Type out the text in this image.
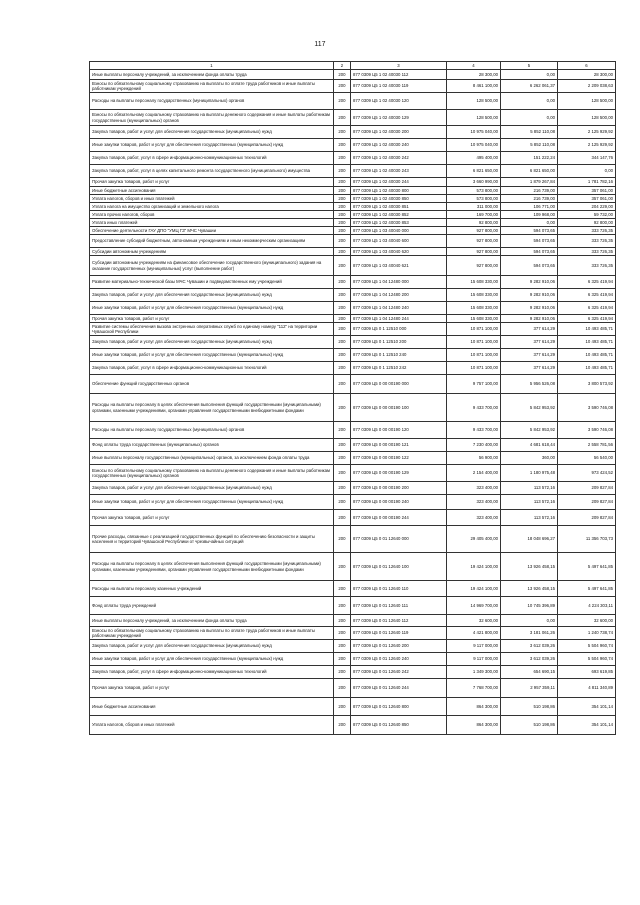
117
1	2	3	4	5	6
Иные выплаты персоналу учреждений, за исключением фонда оплаты труда	200	877 0309 Ц5 1 02 40030 112	28 300,00	0,00	28 300,00
Взносы по обязательному социальному страхованию на выплаты по оплате труда работников и иные выплаты работникам учреждений	200	877 0309 Ц5 1 02 40030 119	8 461 100,00	6 262 061,37	2 209 038,63
Расходы на выплаты персоналу государственных (муниципальных) органов	200	877 0309 Ц5 1 02 40030 120	128 500,00	0,00	128 500,00
Взносы по обязательному социальному страхованию на выплаты денежного содержания и иные выплаты работникам государственных (муниципальных) органов	200	877 0309 Ц5 1 02 40030 129	128 500,00	0,00	128 500,00
Закупка товаров, работ и услуг для обеспечения государственных (муниципальных) нужд	200	877 0309 Ц5 1 02 40030 200	10 975 040,00	5 852 110,08	2 125 929,92
Иные закупки товаров, работ и услуг для обеспечения государственных (муниципальных) нужд	200	877 0309 Ц5 1 02 40030 240	10 975 040,00	5 852 110,08	2 125 929,92
Закупка товаров, работ, услуг в сфере информационно-коммуникационных технологий	200	877 0309 Ц5 1 02 40030 242	495 400,00	151 222,24	344 147,76
Закупка товаров, работ, услуг в целях капитального ремонта государственного (муниципального) имущества	200	877 0309 Ц5 1 02 40030 243	6 821 650,00	6 821 650,00	0,00
Прочая закупка товаров, работ и услуг	200	877 0309 Ц5 1 02 40030 244	3 660 990,00	1 879 267,84	1 781 782,16
Иные бюджетные ассигнования	200	877 0309 Ц5 1 02 40030 800	573 800,00	216 739,00	357 061,00
Уплата налогов, сборов и иных платежей	200	877 0309 Ц5 1 02 40030 850	573 800,00	216 739,00	357 061,00
Уплата налога на имущество организаций и земельного налога	200	877 0309 Ц5 1 02 40030 851	311 000,00	106 771,00	204 229,00
Уплата прочих налогов, сборов	200	877 0309 Ц5 1 02 40030 852	169 700,00	109 968,00	59 732,00
Уплата иных платежей	200	877 0309 Ц5 1 02 40030 853	92 800,00	0,00	92 800,00
Обеспечение деятельности ГАУ ДПО "УМЦ ГЗ" МЧС Чувашии	200	877 0309 Ц5 1 03 40040 000	927 800,00	594 073,65	333 726,35
Предоставление субсидий бюджетным, автономным учреждениям и иным некоммерческим организациям	200	877 0309 Ц5 1 03 40040 600	927 800,00	594 073,65	333 726,35
Субсидии автономным учреждениям	200	877 0309 Ц5 1 03 40040 620	927 800,00	594 073,65	333 726,35
Субсидии автономным учреждениям на финансовое обеспечение государственного (муниципального) задания на оказание государственных (муниципальных) услуг (выполнение работ)	200	877 0309 Ц5 1 03 40040 621	927 800,00	594 073,65	333 726,35
Развитие материально-технической базы МЧС Чувашии и подведомственных ему учреждений	200	877 0309 Ц5 1 04 12480 000	15 608 330,00	9 282 910,06	6 325 419,94
Закупка товаров, работ и услуг для обеспечения государственных (муниципальных) нужд	200	877 0309 Ц5 1 04 12480 200	15 608 330,00	9 282 910,06	6 325 419,94
Иные закупки товаров, работ и услуг для обеспечения государственных (муниципальных) нужд	200	877 0309 Ц5 1 04 12480 240	15 608 330,00	9 282 910,06	6 325 419,94
Прочая закупка товаров, работ и услуг	200	877 0309 Ц5 1 04 12480 244	15 608 330,00	9 282 910,06	6 325 419,94
Развитие системы обеспечения вызова экстренных оперативных служб по единому номеру "112" на территории Чувашской Республики	200	877 0309 Ц5 0 1 12510 000	10 871 100,00	377 614,29	10 493 485,71
Закупка товаров, работ и услуг для обеспечения государственных (муниципальных) нужд	200	877 0309 Ц5 0 1 12510 200	10 871 100,00	377 614,29	10 493 485,71
Иные закупки товаров, работ и услуг для обеспечения государственных (муниципальных) нужд	200	877 0309 Ц5 0 1 12510 240	10 871 100,00	377 614,29	10 493 485,71
Закупка товаров, работ, услуг в сфере информационно-коммуникационных технологий	200	877 0309 Ц5 0 1 12510 242	10 871 100,00	377 614,29	10 493 485,71
Обеспечение функций государственных органов	200	877 0309 Ц5 0 00 00190 000	9 757 100,00	5 956 526,08	3 800 573,92
Расходы на выплаты персоналу в целях обеспечения выполнения функций государственными (муниципальными) органами, казенными учреждениями, органами управления государственными внебюджетными фондами	200	877 0309 Ц5 0 00 00190 100	9 433 700,00	5 842 953,92	3 590 746,08
Расходы на выплаты персоналу государственных (муниципальных) органов	200	877 0309 Ц5 0 00 00190 120	9 433 700,00	5 842 953,92	3 590 746,08
Фонд оплаты труда государственных (муниципальных) органов	200	877 0309 Ц5 0 00 00190 121	7 230 400,00	4 681 618,44	2 558 781,56
Иные выплаты персоналу государственных (муниципальных) органов, за исключением фонда оплаты труда	200	877 0309 Ц5 0 00 00190 122	56 900,00	360,00	56 540,00
Взносы по обязательному социальному страхованию на выплаты денежного содержания и иные выплаты работникам государственных (муниципальных) органов	200	877 0309 Ц5 0 00 00190 129	2 154 400,00	1 180 975,48	973 424,52
Закупка товаров, работ и услуг для обеспечения государственных (муниципальных) нужд	200	877 0309 Ц5 0 00 00190 200	323 400,00	113 572,16	209 827,84
Иные закупки товаров, работ и услуг для обеспечения государственных (муниципальных) нужд	200	877 0309 Ц5 0 00 00190 240	323 400,00	113 572,16	209 827,84
Прочая закупка товаров, работ и услуг	200	877 0309 Ц5 0 00 00190 244	323 400,00	113 572,16	209 827,84
Прочие расходы, связанные с реализацией государственных функций по обеспечению безопасности и защиты населения и территорий Чувашской Республики от чрезвычайных ситуаций	200	877 0309 Ц5 0 01 12640 000	29 405 400,00	18 048 696,27	11 356 703,73
Расходы на выплаты персоналу в целях обеспечения выполнения функций государственными (муниципальными) органами, казенными учреждениями, органами управления государственными внебюджетными фондами	200	877 0309 Ц5 0 01 12640 100	19 424 100,00	13 926 458,15	5 497 641,85
Расходы на выплаты персоналу казенных учреждений	200	877 0309 Ц5 0 01 12640 110	19 424 100,00	13 926 458,15	5 497 641,85
Фонд оплаты труда учреждений	200	877 0309 Ц5 0 01 12640 111	14 969 700,00	10 745 396,89	4 224 303,11
Иные выплаты персоналу учреждений, за исключением фонда оплаты труда	200	877 0309 Ц5 0 01 12640 112	32 600,00	0,00	32 600,00
Взносы по обязательному социальному страхованию на выплаты по оплате труда работников и иные выплаты работникам учреждений	200	877 0309 Ц5 0 01 12640 119	4 421 800,00	3 181 061,26	1 240 738,74
Закупка товаров, работ и услуг для обеспечения государственных (муниципальных) нужд	200	877 0309 Ц5 0 01 12640 200	9 117 000,00	3 612 039,26	5 504 960,74
Иные закупки товаров, работ и услуг для обеспечения государственных (муниципальных) нужд	200	877 0309 Ц5 0 01 12640 240	9 117 000,00	3 612 039,26	5 504 960,74
Закупка товаров, работ, услуг в сфере информационно-коммуникационных технологий	200	877 0309 Ц5 0 01 12640 242	1 349 300,00	654 690,15	693 619,85
Прочая закупка товаров, работ и услуг	200	877 0309 Ц5 0 01 12640 244	7 768 700,00	2 957 359,11	4 811 340,89
Иные бюджетные ассигнования	200	877 0309 Ц5 0 01 12640 800	864 300,00	510 198,86	354 101,14
Уплата налогов, сборов и иных платежей	200	877 0309 Ц5 0 01 12640 850	864 300,00	510 198,86	354 101,14
